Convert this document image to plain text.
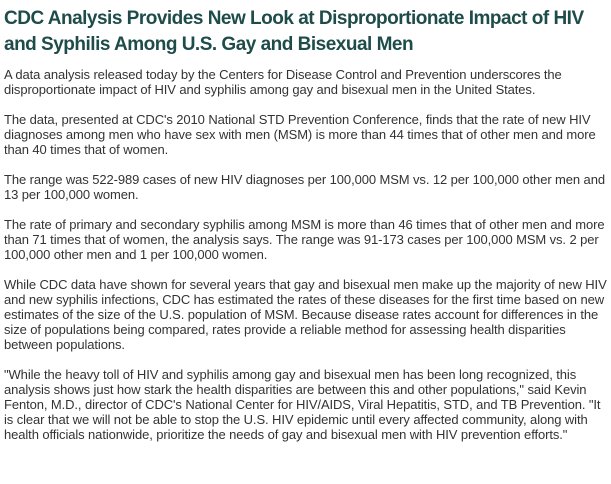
CDC Analysis Provides New Look at Disproportionate Impact of HIV and Syphilis Among U.S. Gay and Bisexual Men

A data analysis released today by the Centers for Disease Control and Prevention underscores the disproportionate impact of HIV and syphilis among gay and bisexual men in the United States.

The data, presented at CDC's 2010 National STD Prevention Conference, finds that the rate of new HIV diagnoses among men who have sex with men (MSM) is more than 44 times that of other men and more than 40 times that of women.

The range was 522-989 cases of new HIV diagnoses per 100,000 MSM vs. 12 per 100,000 other men and 13 per 100,000 women.

The rate of primary and secondary syphilis among MSM is more than 46 times that of other men and more than 71 times that of women, the analysis says. The range was 91-173 cases per 100,000 MSM vs. 2 per 100,000 other men and 1 per 100,000 women.

While CDC data have shown for several years that gay and bisexual men make up the majority of new HIV and new syphilis infections, CDC has estimated the rates of these diseases for the first time based on new estimates of the size of the U.S. population of MSM. Because disease rates account for differences in the size of populations being compared, rates provide a reliable method for assessing health disparities between populations.

"While the heavy toll of HIV and syphilis among gay and bisexual men has been long recognized, this analysis shows just how stark the health disparities are between this and other populations," said Kevin Fenton, M.D., director of CDC's National Center for HIV/AIDS, Viral Hepatitis, STD, and TB Prevention. "It is clear that we will not be able to stop the U.S. HIV epidemic until every affected community, along with health officials nationwide, prioritize the needs of gay and bisexual men with HIV prevention efforts."
